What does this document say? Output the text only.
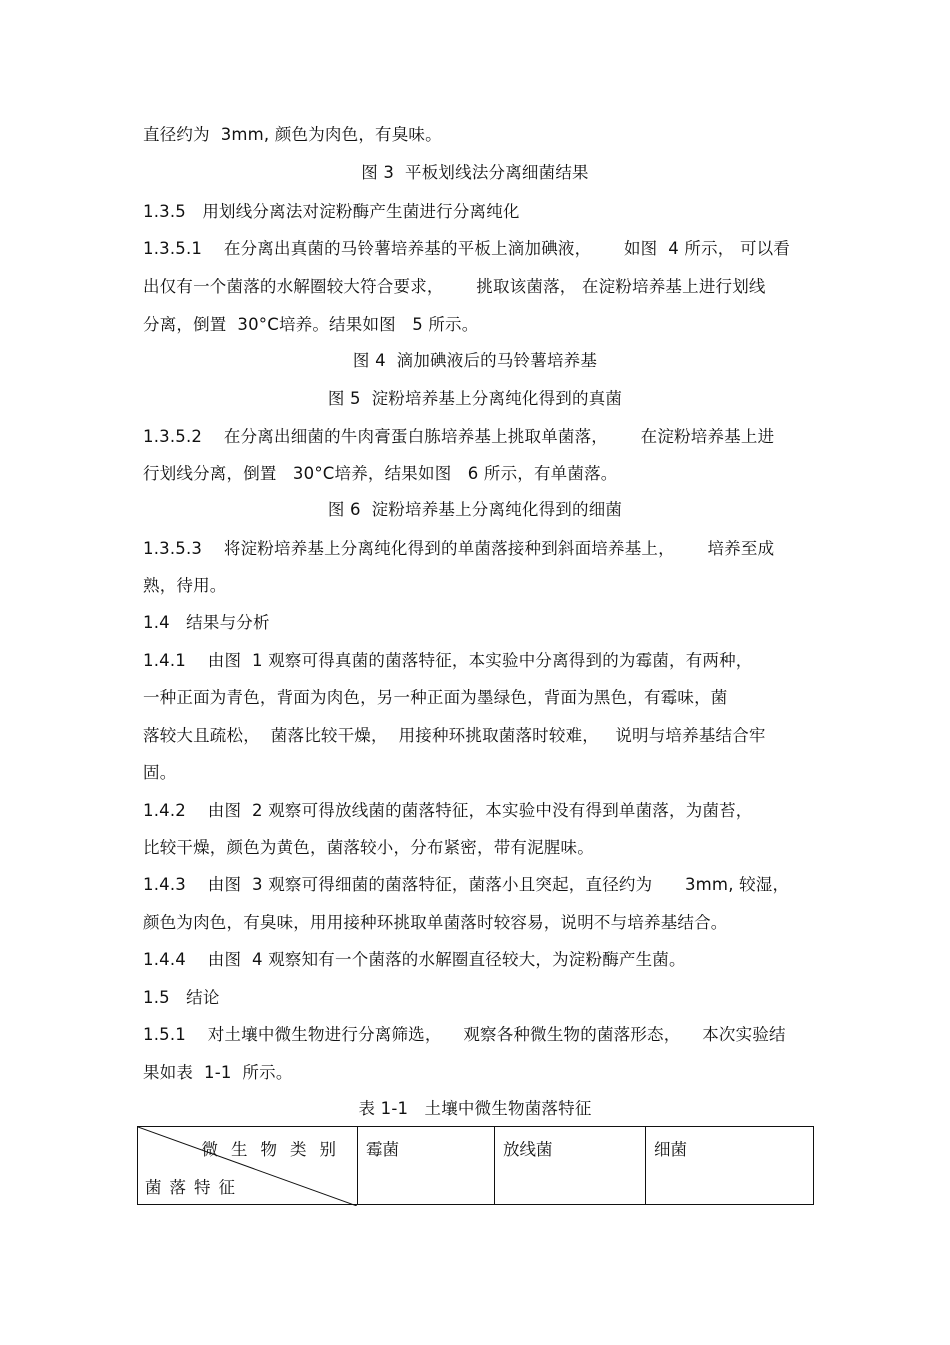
直径约为  3mm, 颜色为肉色，有臭味。
图 3  平板划线法分离细菌结果
1.3.5   用划线分离法对淀粉酶产生菌进行分离纯化
1.3.5.1    在分离出真菌的马铃薯培养基的平板上滴加碘液，      如图  4 所示， 可以看
出仅有一个菌落的水解圈较大符合要求，      挑取该菌落， 在淀粉培养基上进行划线
分离，倒置  30°C培养。结果如图   5 所示。
图 4  滴加碘液后的马铃薯培养基
图 5  淀粉培养基上分离纯化得到的真菌
1.3.5.2    在分离出细菌的牛肉膏蛋白胨培养基上挑取单菌落，      在淀粉培养基上进
行划线分离，倒置   30°C培养，结果如图   6 所示，有单菌落。
图 6  淀粉培养基上分离纯化得到的细菌
1.3.5.3    将淀粉培养基上分离纯化得到的单菌落接种到斜面培养基上，      培养至成
熟，待用。
1.4   结果与分析
1.4.1    由图  1 观察可得真菌的菌落特征，本实验中分离得到的为霉菌，有两种，
一种正面为青色，背面为肉色，另一种正面为墨绿色，背面为黑色，有霉味，菌
落较大且疏松，  菌落比较干燥，  用接种环挑取菌落时较难，   说明与培养基结合牢
固。
1.4.2    由图  2 观察可得放线菌的菌落特征，本实验中没有得到单菌落，为菌苔，
比较干燥，颜色为黄色，菌落较小，分布紧密，带有泥腥味。
1.4.3    由图  3 观察可得细菌的菌落特征，菌落小且突起，直径约为      3mm, 较湿，
颜色为肉色，有臭味，用用接种环挑取单菌落时较容易，说明不与培养基结合。
1.4.4    由图  4 观察知有一个菌落的水解圈直径较大，为淀粉酶产生菌。
1.5   结论
1.5.1    对土壤中微生物进行分离筛选，    观察各种微生物的菌落形态，    本次实验结
果如表  1-1  所示。
表 1-1   土壤中微生物菌落特征
微生物类别
菌落特征
	霉菌	放线菌	细菌
